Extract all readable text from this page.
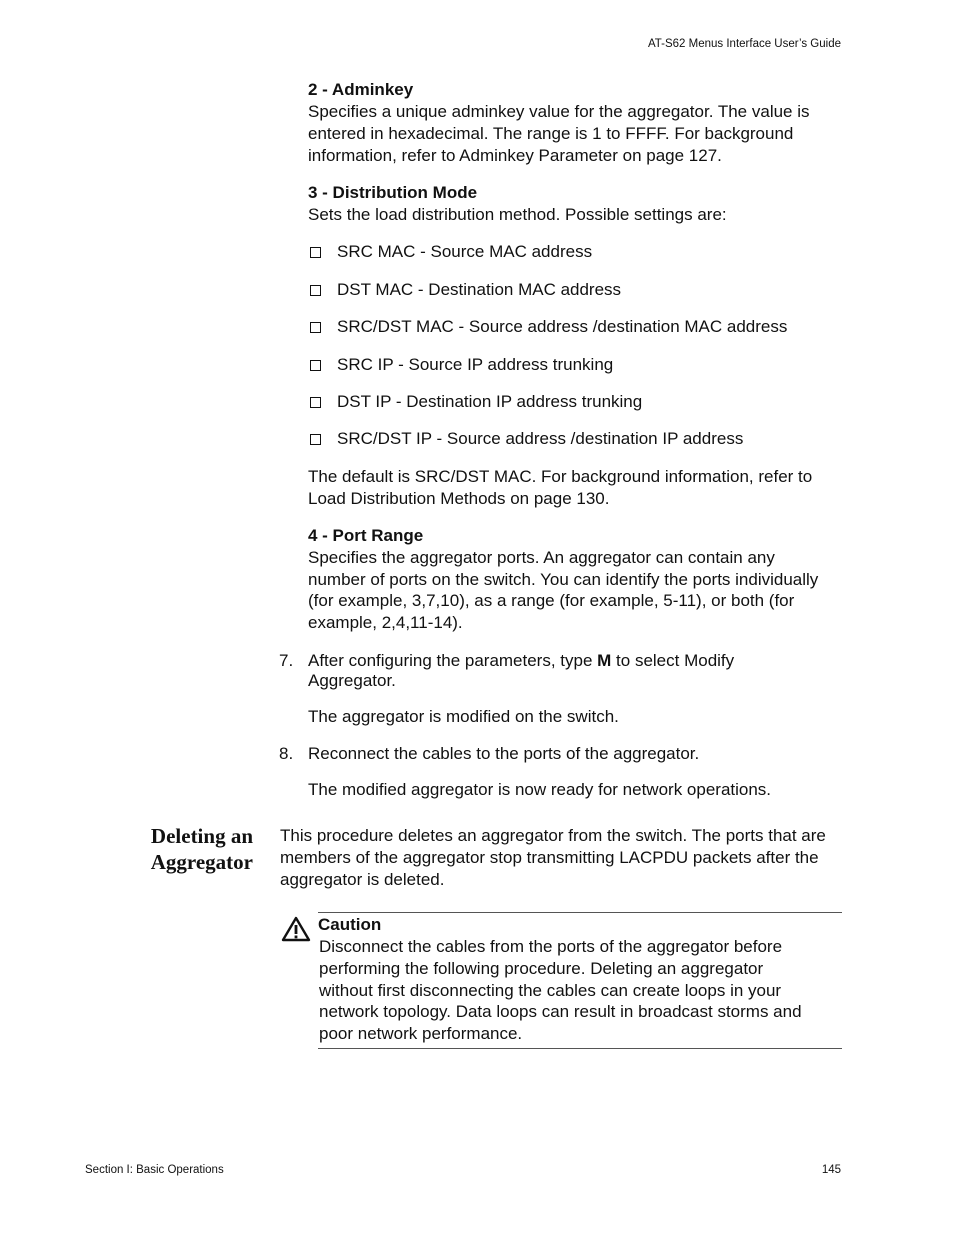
AT-S62 Menus Interface User’s Guide
2 - Adminkey
Specifies a unique adminkey value for the aggregator. The value is
entered in hexadecimal. The range is 1 to FFFF. For background
information, refer to Adminkey Parameter on page 127.
3 - Distribution Mode
Sets the load distribution method. Possible settings are:
SRC MAC - Source MAC address
DST MAC - Destination MAC address
SRC/DST MAC - Source address /destination MAC address
SRC IP - Source IP address trunking
DST IP - Destination IP address trunking
SRC/DST IP - Source address /destination IP address
The default is SRC/DST MAC. For background information, refer to
Load Distribution Methods on page 130.
4 - Port Range
Specifies the aggregator ports. An aggregator can contain any
number of ports on the switch. You can identify the ports individually
(for example, 3,7,10), as a range (for example, 5-11), or both (for
example, 2,4,11-14).
7. After configuring the parameters, type M to select Modify
Aggregator.
The aggregator is modified on the switch.
8. Reconnect the cables to the ports of the aggregator.
The modified aggregator is now ready for network operations.
Deleting an
Aggregator
This procedure deletes an aggregator from the switch. The ports that are
members of the aggregator stop transmitting LACPDU packets after the
aggregator is deleted.
Caution
Disconnect the cables from the ports of the aggregator before
performing the following procedure. Deleting an aggregator
without first disconnecting the cables can create loops in your
network topology. Data loops can result in broadcast storms and
poor network performance.
Section I: Basic Operations	145
